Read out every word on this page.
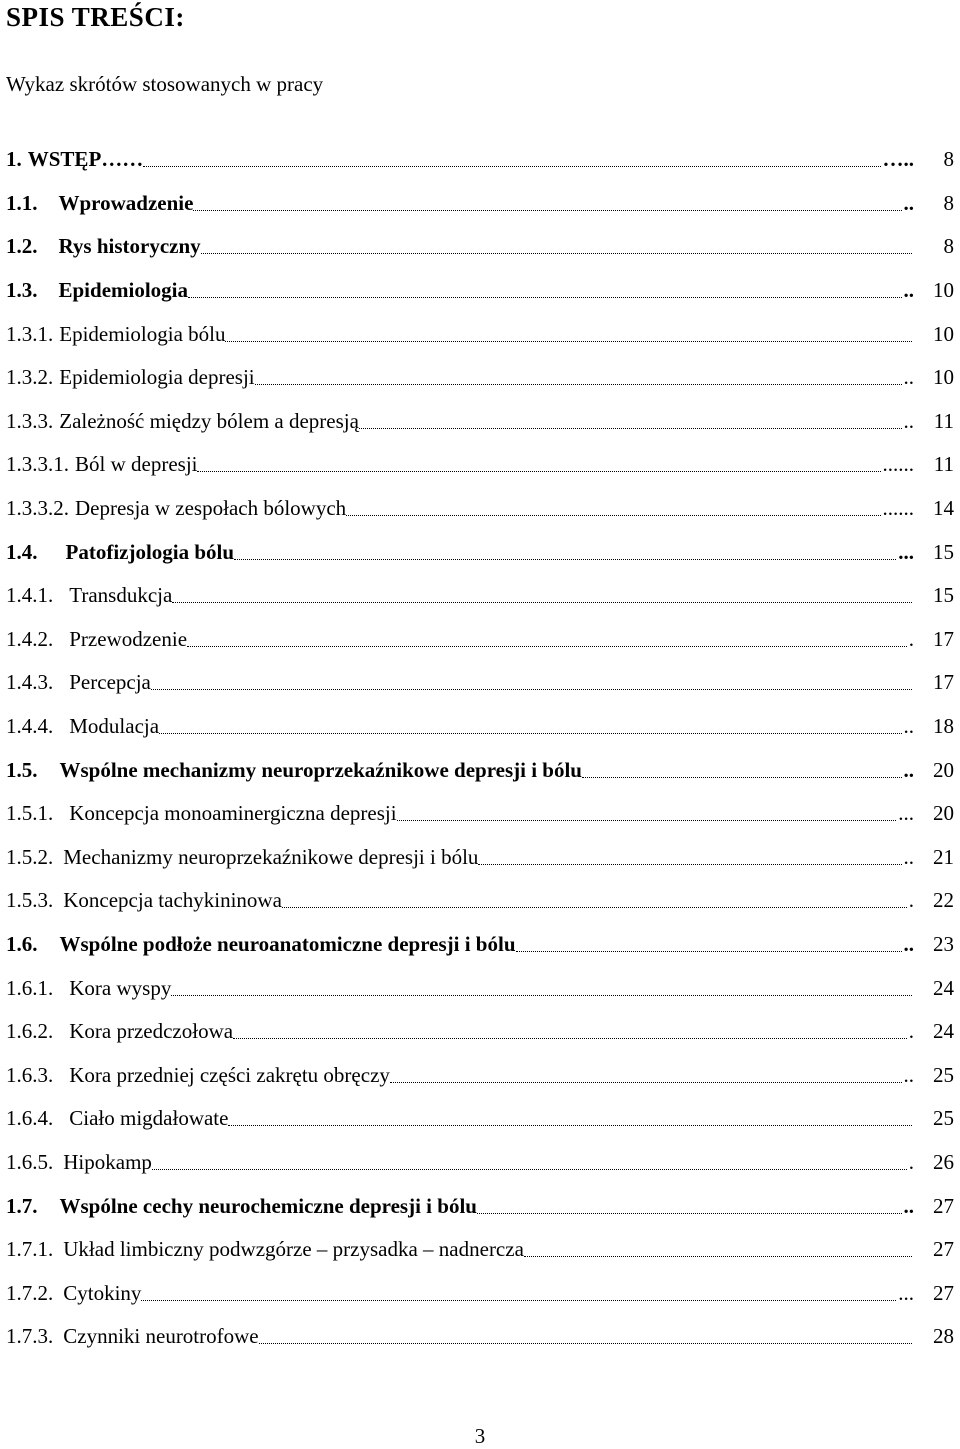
SPIS TREŚCI:
Wykaz skrótów stosowanych w pracy
1. WSTĘP……	…..	8
1.1. Wprowadzenie	..	8
1.2. Rys historyczny	8
1.3. Epidemiologia	.. 10
1.3.1. Epidemiologia bólu	10
1.3.2. Epidemiologia depresji	.. 10
1.3.3. Zależność między bólem a depresją	.. 11
1.3.3.1. Ból w depresji	...... 11
1.3.3.2. Depresja w zespołach bólowych	...... 14
1.4. Patofizjologia bólu	... 15
1.4.1. Transdukcja	15
1.4.2. Przewodzenie	. 17
1.4.3. Percepcja	17
1.4.4. Modulacja	.. 18
1.5. Wspólne mechanizmy neuroprzekaźnikowe depresji i bólu	.. 20
1.5.1. Koncepcja monoaminergiczna depresji	... 20
1.5.2. Mechanizmy neuroprzekaźnikowe depresji i bólu	.. 21
1.5.3. Koncepcja tachykininowa	. 22
1.6. Wspólne podłoże neuroanatomiczne depresji i bólu	.. 23
1.6.1. Kora wyspy	24
1.6.2. Kora przedczołowa	. 24
1.6.3. Kora przedniej części zakrętu obręczy	.. 25
1.6.4. Ciało migdałowate	25
1.6.5. Hipokamp	. 26
1.7. Wspólne cechy neurochemiczne depresji i bólu	.. 27
1.7.1. Układ limbiczny podwzgórze – przysadka – nadnercza	27
1.7.2. Cytokiny	... 27
1.7.3. Czynniki neurotrofowe	28
3
